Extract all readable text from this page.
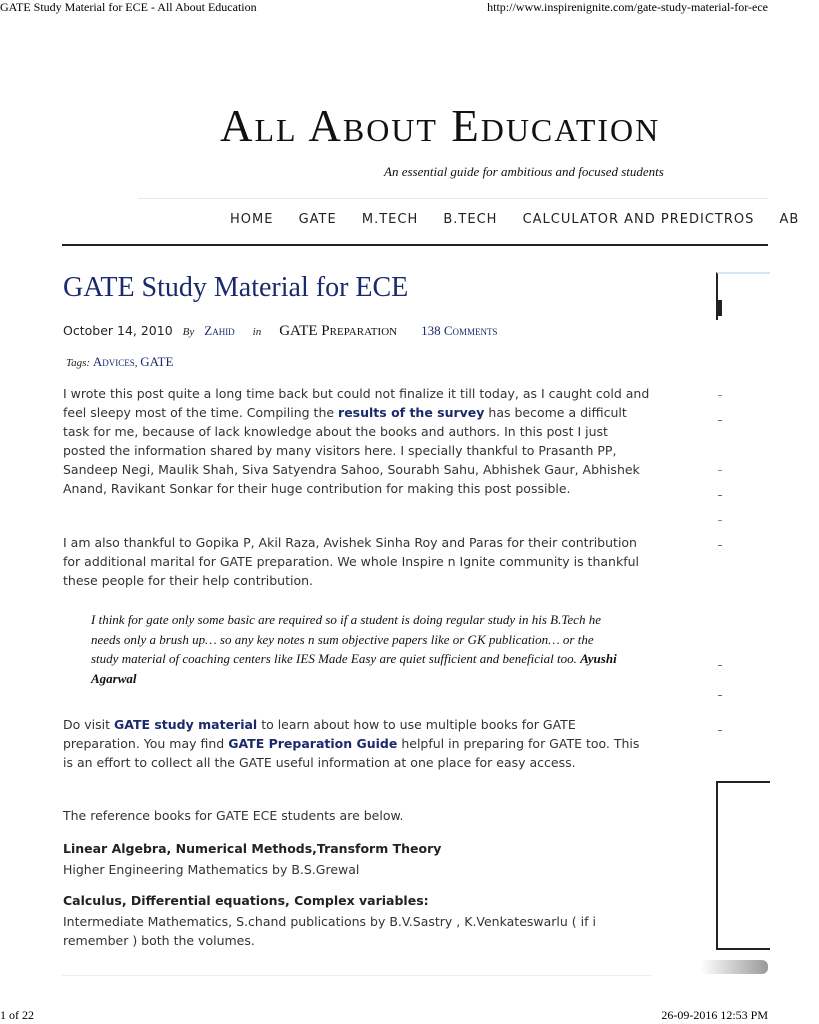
GATE Study Material for ECE - All About Education	http://www.inspirenignite.com/gate-study-material-for-ece
All About Education
An essential guide for ambitious and focused students
HOME GATE M.TECH B.TECH CALCULATOR AND PREDICTROS AB
GATE Study Material for ECE
October 14, 2010 By Zahid in GATE Preparation 138 Comments
Tags: Advices, GATE

I wrote this post quite a long time back but could not finalize it till today, as I caught cold and feel sleepy most of the time. Compiling the results of the survey has become a difficult task for me, because of lack knowledge about the books and authors. In this post I just posted the information shared by many visitors here. I specially thankful to Prasanth PP, Sandeep Negi, Maulik Shah, Siva Satyendra Sahoo, Sourabh Sahu, Abhishek Gaur, Abhishek Anand, Ravikant Sonkar for their huge contribution for making this post possible.

I am also thankful to Gopika P, Akil Raza, Avishek Sinha Roy and Paras for their contribution for additional marital for GATE preparation. We whole Inspire n Ignite community is thankful these people for their help contribution.

I think for gate only some basic are required so if a student is doing regular study in his B.Tech he needs only a brush up… so any key notes n sum objective papers like or GK publication… or the study material of coaching centers like IES Made Easy are quiet sufficient and beneficial too. Ayushi Agarwal

Do visit GATE study material to learn about how to use multiple books for GATE preparation. You may find GATE Preparation Guide helpful in preparing for GATE too. This is an effort to collect all the GATE useful information at one place for easy access.

The reference books for GATE ECE students are below.

Linear Algebra, Numerical Methods,Transform Theory

Higher Engineering Mathematics by B.S.Grewal

Calculus, Differential equations, Complex variables:

Intermediate Mathematics, S.chand publications by B.V.Sastry , K.Venkateswarlu ( if i remember ) both the volumes.

1 of 22	26-09-2016 12:53 PM
